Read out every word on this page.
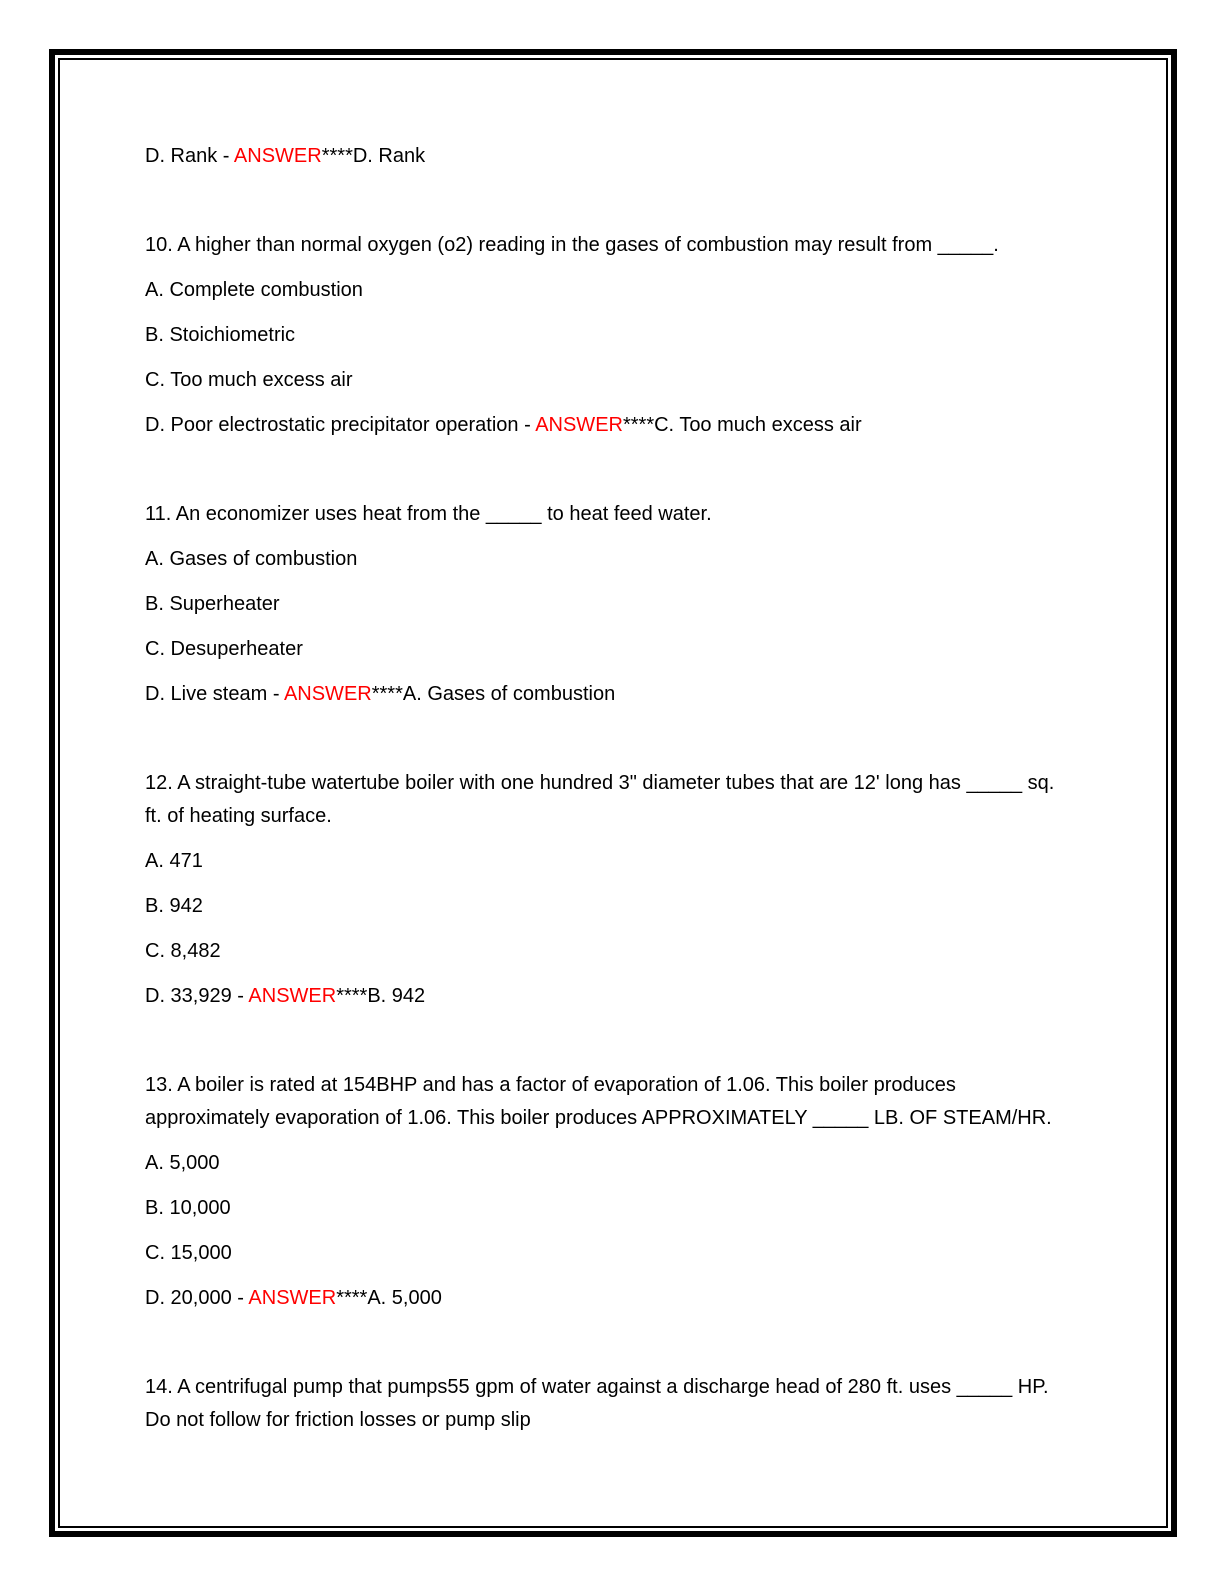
D. Rank - ANSWER****D. Rank

10. A higher than normal oxygen (o2) reading in the gases of combustion may result from _____.

A. Complete combustion

B. Stoichiometric

C. Too much excess air

D. Poor electrostatic precipitator operation - ANSWER****C. Too much excess air

11. An economizer uses heat from the _____ to heat feed water.

A. Gases of combustion

B. Superheater

C. Desuperheater

D. Live steam - ANSWER****A. Gases of combustion

12. A straight-tube watertube boiler with one hundred 3" diameter tubes that are 12' long has _____ sq.
ft. of heating surface.

A. 471

B. 942

C. 8,482

D. 33,929 - ANSWER****B. 942

13. A boiler is rated at 154BHP and has a factor of evaporation of 1.06. This boiler produces
approximately evaporation of 1.06. This boiler produces APPROXIMATELY _____ LB. OF STEAM/HR.

A. 5,000

B. 10,000

C. 15,000

D. 20,000 - ANSWER****A. 5,000

14. A centrifugal pump that pumps55 gpm of water against a discharge head of 280 ft. uses _____ HP.
Do not follow for friction losses or pump slip
